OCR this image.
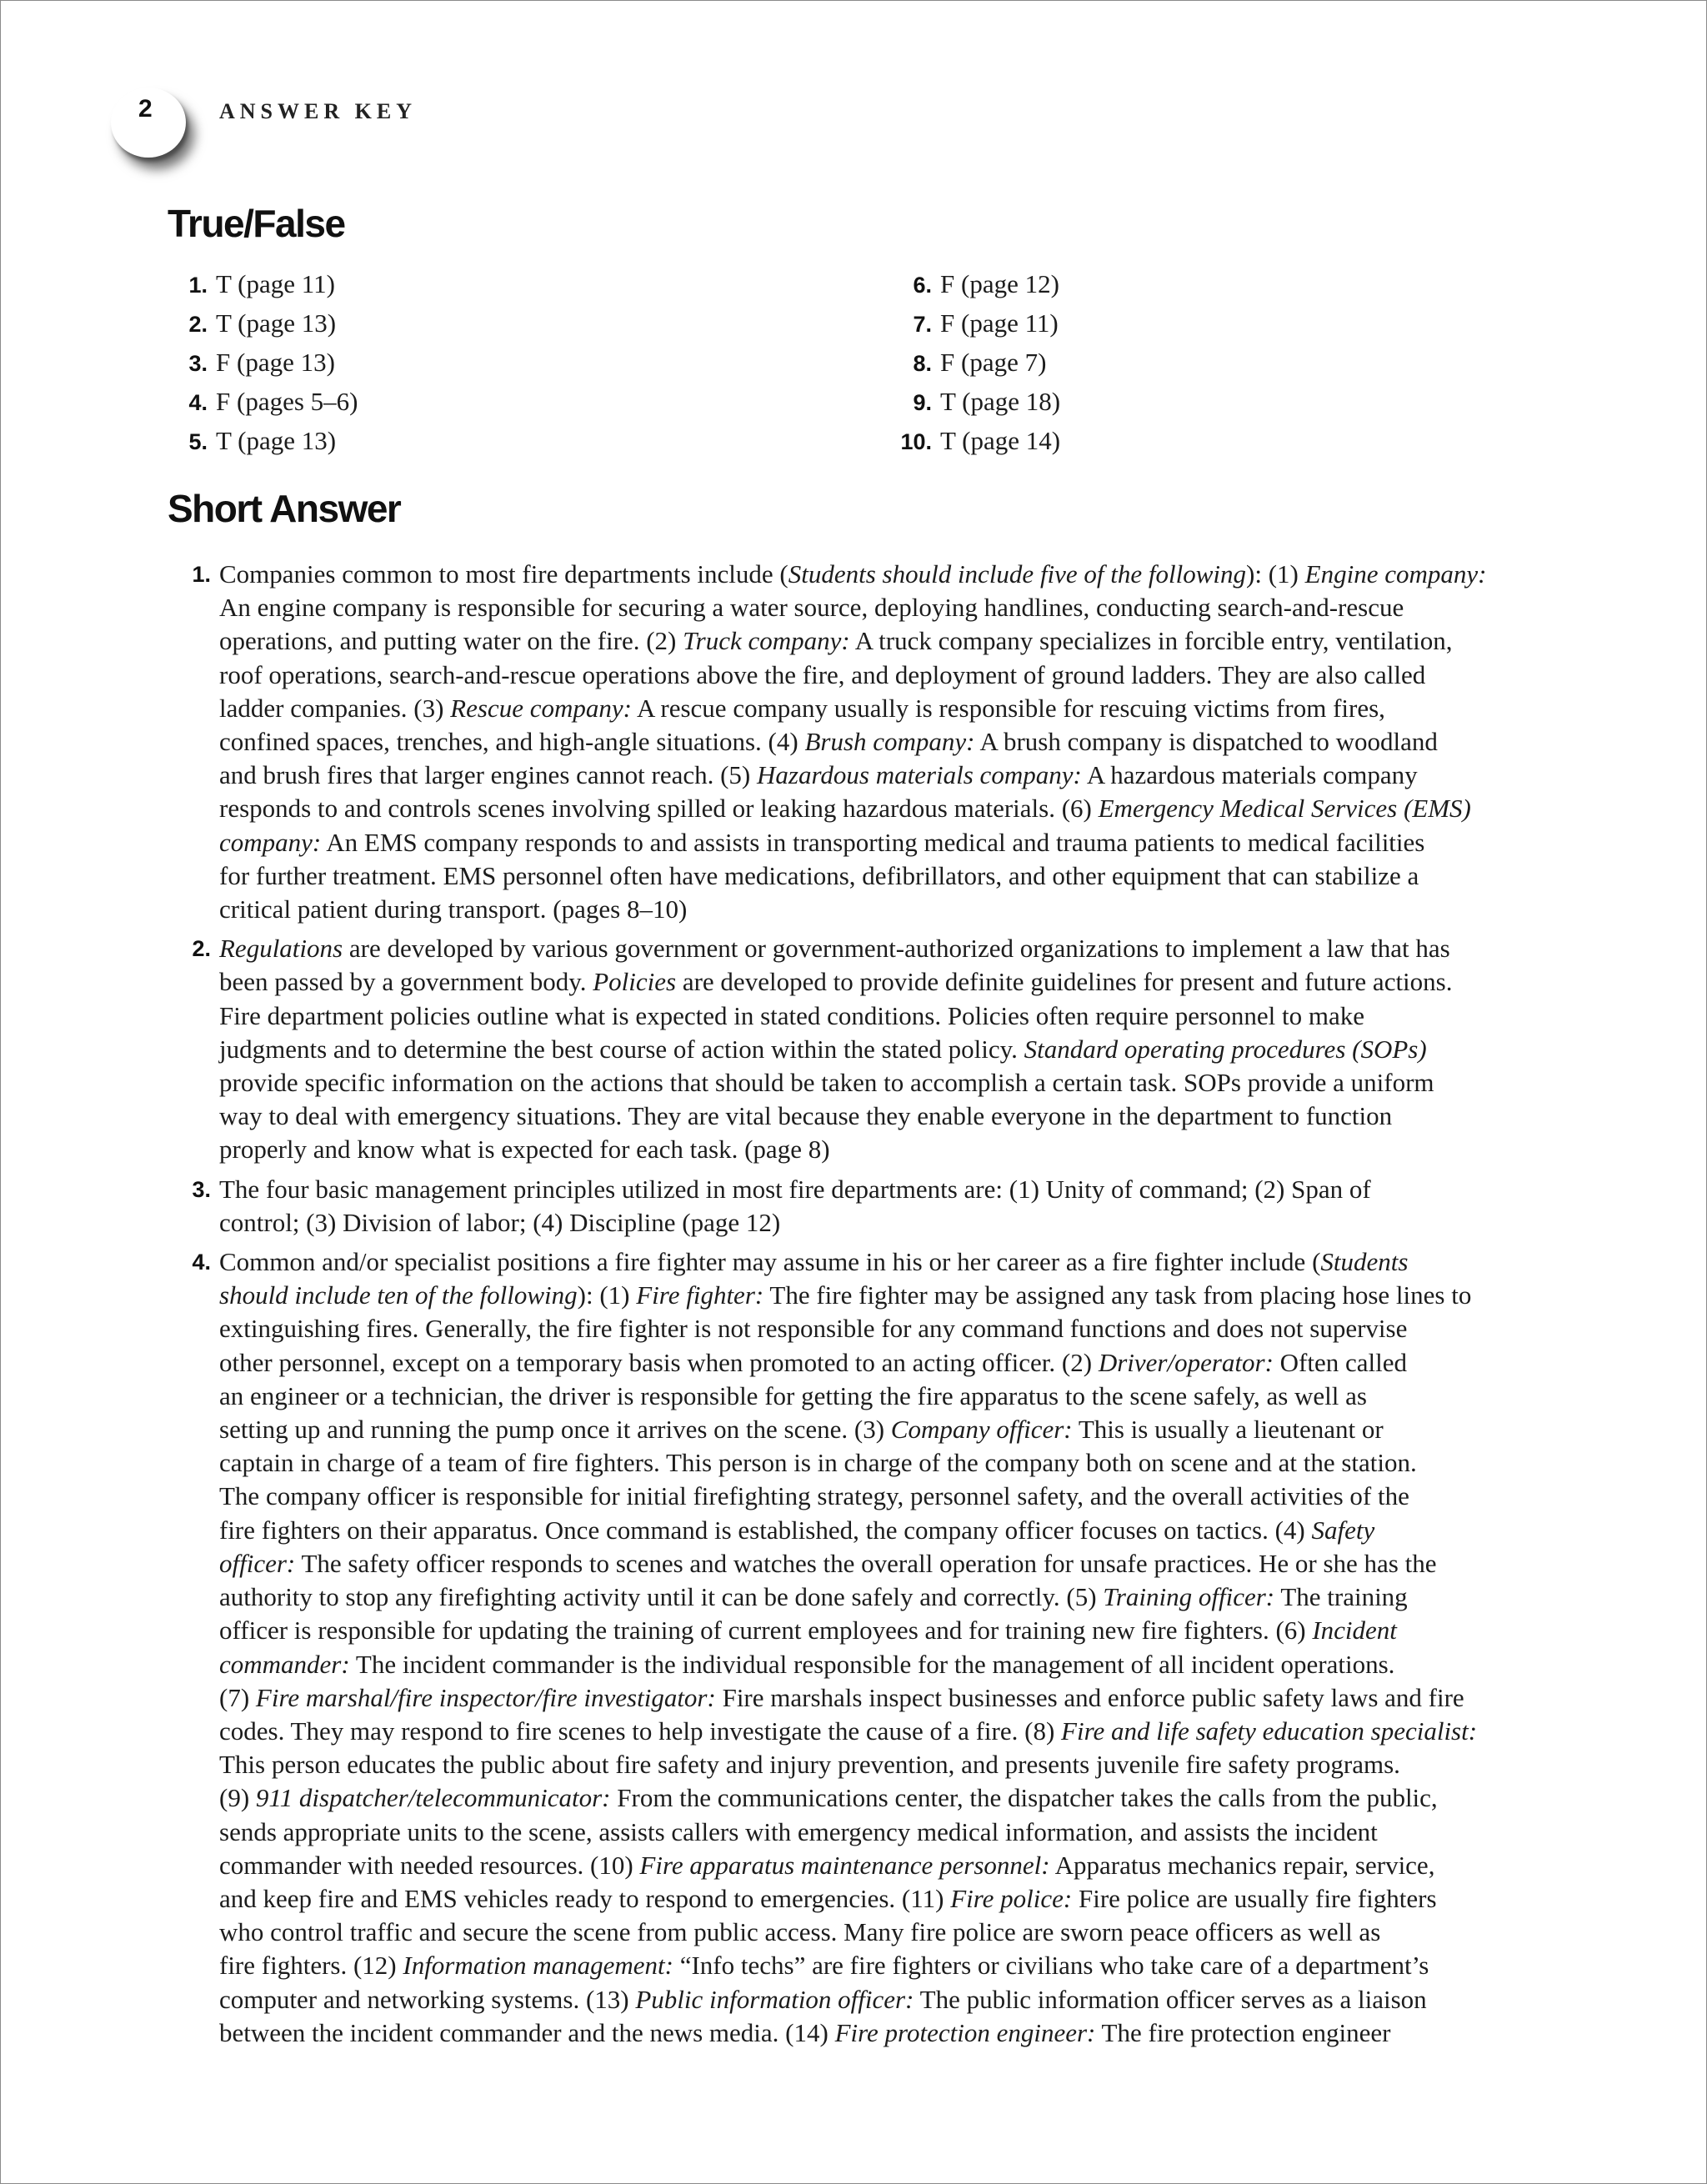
2	ANSWER KEY
True/False
1. T (page 11)
2. T (page 13)
3. F (page 13)
4. F (pages 5–6)
5. T (page 13)
6. F (page 12)
7. F (page 11)
8. F (page 7)
9. T (page 18)
10. T (page 14)
Short Answer
1. Companies common to most fire departments include (Students should include five of the following): (1) Engine company:
An engine company is responsible for securing a water source, deploying handlines, conducting search-and-rescue
operations, and putting water on the fire. (2) Truck company: A truck company specializes in forcible entry, ventilation,
roof operations, search-and-rescue operations above the fire, and deployment of ground ladders. They are also called
ladder companies. (3) Rescue company: A rescue company usually is responsible for rescuing victims from fires,
confined spaces, trenches, and high-angle situations. (4) Brush company: A brush company is dispatched to woodland
and brush fires that larger engines cannot reach. (5) Hazardous materials company: A hazardous materials company
responds to and controls scenes involving spilled or leaking hazardous materials. (6) Emergency Medical Services (EMS)
company: An EMS company responds to and assists in transporting medical and trauma patients to medical facilities
for further treatment. EMS personnel often have medications, defibrillators, and other equipment that can stabilize a
critical patient during transport. (pages 8–10)
2. Regulations are developed by various government or government-authorized organizations to implement a law that has
been passed by a government body. Policies are developed to provide definite guidelines for present and future actions.
Fire department policies outline what is expected in stated conditions. Policies often require personnel to make
judgments and to determine the best course of action within the stated policy. Standard operating procedures (SOPs)
provide specific information on the actions that should be taken to accomplish a certain task. SOPs provide a uniform
way to deal with emergency situations. They are vital because they enable everyone in the department to function
properly and know what is expected for each task. (page 8)
3. The four basic management principles utilized in most fire departments are: (1) Unity of command; (2) Span of
control; (3) Division of labor; (4) Discipline (page 12)
4. Common and/or specialist positions a fire fighter may assume in his or her career as a fire fighter include (Students
should include ten of the following): (1) Fire fighter: The fire fighter may be assigned any task from placing hose lines to
extinguishing fires. Generally, the fire fighter is not responsible for any command functions and does not supervise
other personnel, except on a temporary basis when promoted to an acting officer. (2) Driver/operator: Often called
an engineer or a technician, the driver is responsible for getting the fire apparatus to the scene safely, as well as
setting up and running the pump once it arrives on the scene. (3) Company officer: This is usually a lieutenant or
captain in charge of a team of fire fighters. This person is in charge of the company both on scene and at the station.
The company officer is responsible for initial firefighting strategy, personnel safety, and the overall activities of the
fire fighters on their apparatus. Once command is established, the company officer focuses on tactics. (4) Safety
officer: The safety officer responds to scenes and watches the overall operation for unsafe practices. He or she has the
authority to stop any firefighting activity until it can be done safely and correctly. (5) Training officer: The training
officer is responsible for updating the training of current employees and for training new fire fighters. (6) Incident
commander: The incident commander is the individual responsible for the management of all incident operations.
(7) Fire marshal/fire inspector/fire investigator: Fire marshals inspect businesses and enforce public safety laws and fire
codes. They may respond to fire scenes to help investigate the cause of a fire. (8) Fire and life safety education specialist:
This person educates the public about fire safety and injury prevention, and presents juvenile fire safety programs.
(9) 911 dispatcher/telecommunicator: From the communications center, the dispatcher takes the calls from the public,
sends appropriate units to the scene, assists callers with emergency medical information, and assists the incident
commander with needed resources. (10) Fire apparatus maintenance personnel: Apparatus mechanics repair, service,
and keep fire and EMS vehicles ready to respond to emergencies. (11) Fire police: Fire police are usually fire fighters
who control traffic and secure the scene from public access. Many fire police are sworn peace officers as well as
fire fighters. (12) Information management: “Info techs” are fire fighters or civilians who take care of a department’s
computer and networking systems. (13) Public information officer: The public information officer serves as a liaison
between the incident commander and the news media. (14) Fire protection engineer: The fire protection engineer
